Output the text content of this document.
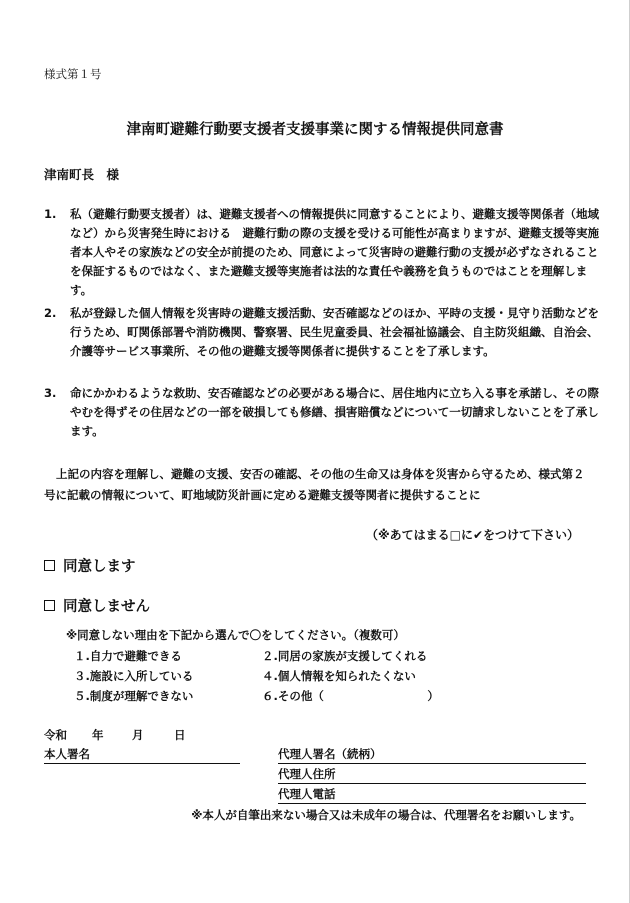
様式第１号
津南町避難行動要支援者支援事業に関する情報提供同意書
津南町長　様
1.	私（避難行動要支援者）は、避難支援者への情報提供に同意することにより、避難支援等関係者（地域など）から災害発生時における　避難行動の際の支援を受ける可能性が高まりますが、避難支援等実施者本人やその家族などの安全が前提のため、同意によって災害時の避難行動の支援が必ずなされることを保証するものではなく、また避難支援等実施者は法的な責任や義務を負うものではことを理解します。
2.	私が登録した個人情報を災害時の避難支援活動、安否確認などのほか、平時の支援・見守り活動などを行うため、町関係部署や消防機関、警察署、民生児童委員、社会福祉協議会、自主防災組織、自治会、介護等サービス事業所、その他の避難支援等関係者に提供することを了承します。
3.	命にかかわるような救助、安否確認などの必要がある場合に、居住地内に立ち入る事を承諾し、その際やむを得ずその住居などの一部を破損しても修繕、損害賠償などについて一切請求しないことを了承します。
上記の内容を理解し、避難の支援、安否の確認、その他の生命又は身体を災害から守るため、様式第２号に記載の情報について、町地域防災計画に定める避難支援等関者に提供することに
（※あてはまる□に✔をつけて下さい）
同意します
同意しません
※同意しない理由を下記から選んで〇をしてください。（複数可）
１.自力で避難できる	２.同居の家族が支援してくれる
３.施設に入所している	４.個人情報を知られたくない
５.制度が理解できない	６.その他（　　　　　　　　　）
令和 年 月	日
本人署名	代理人署名（続柄）
代理人住所
代理人電話
※本人が自筆出来ない場合又は未成年の場合は、代理署名をお願いします。
